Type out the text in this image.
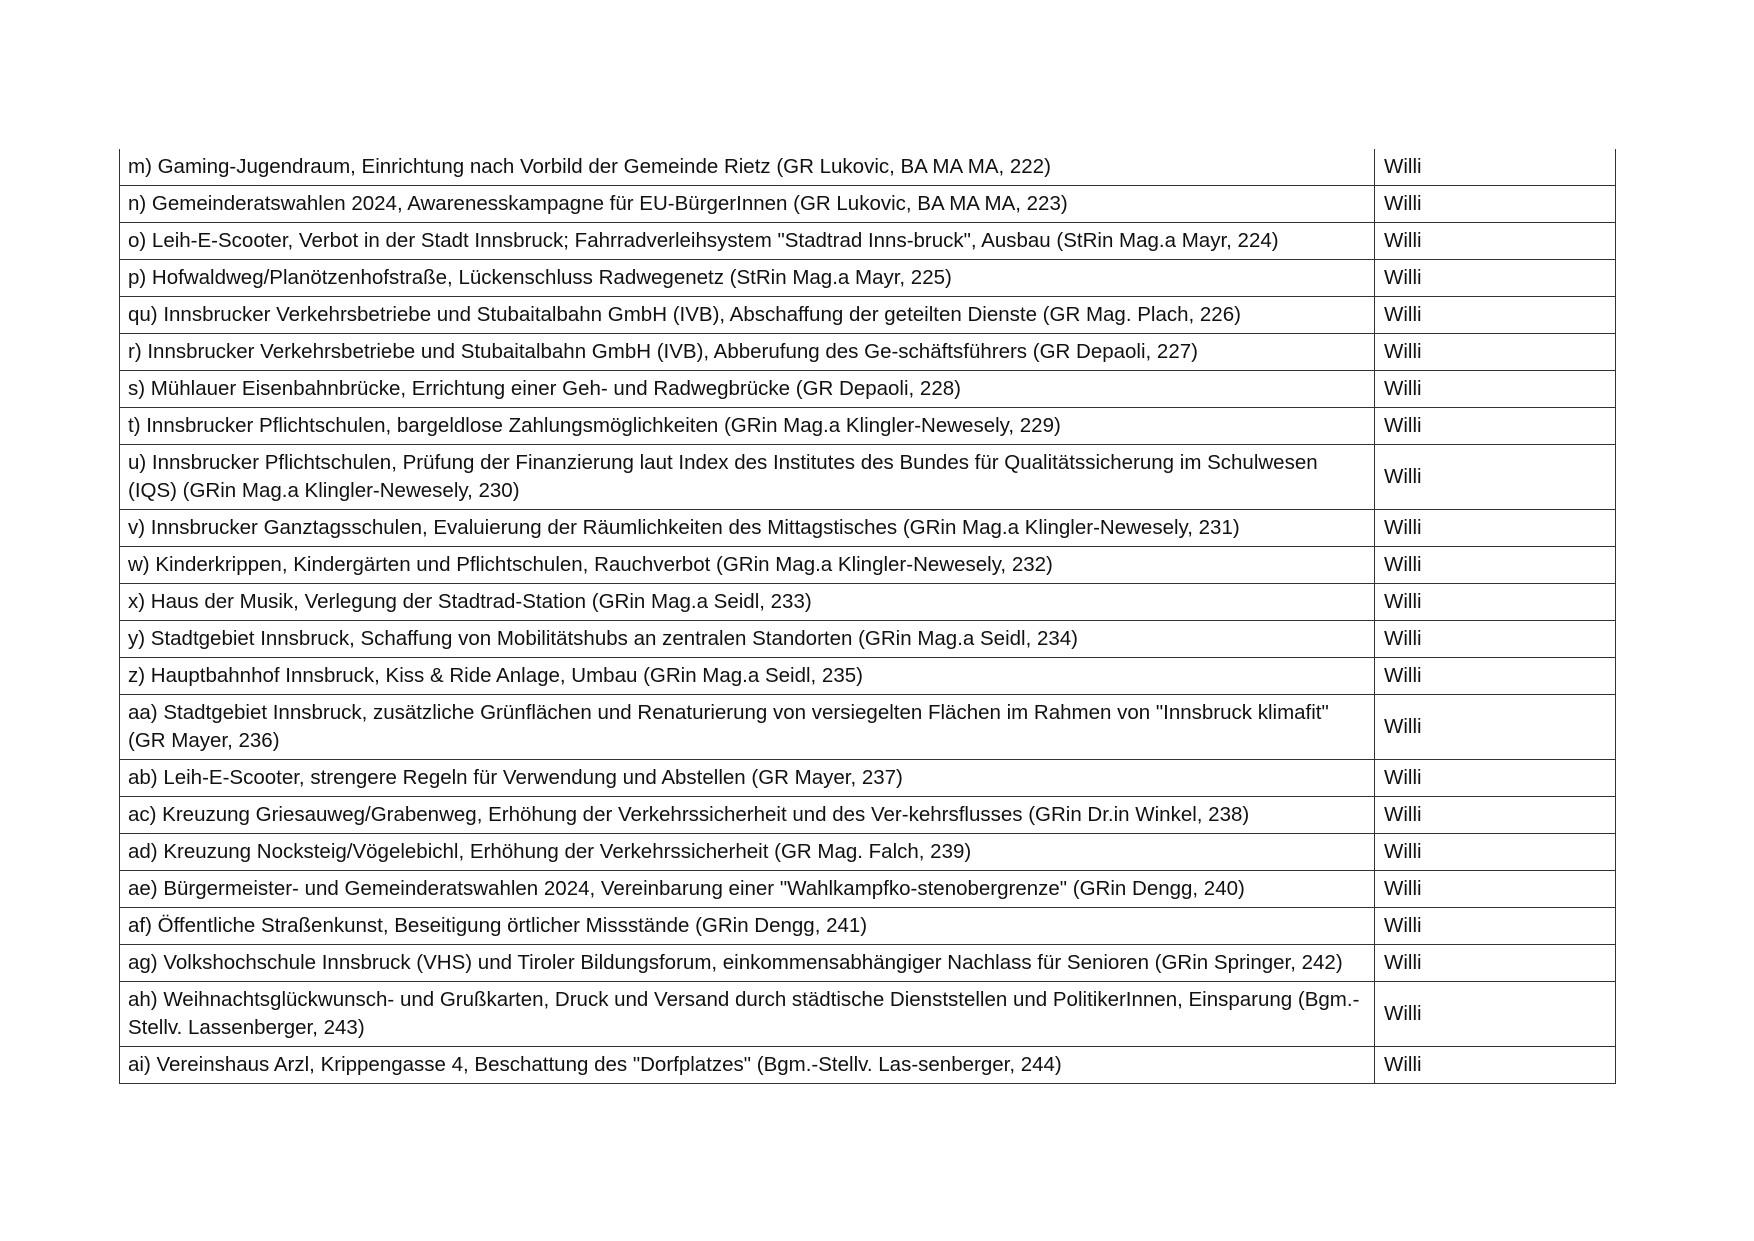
m) Gaming-Jugendraum, Einrichtung nach Vorbild der Gemeinde Rietz (GR Lukovic, BA MA MA, 222)	Willi
n) Gemeinderatswahlen 2024, Awarenesskampagne für EU-BürgerInnen (GR Lukovic, BA MA MA, 223)	Willi
o) Leih-E-Scooter, Verbot in der Stadt Innsbruck; Fahrradverleihsystem "Stadtrad Inns-bruck", Ausbau (StRin Mag.a Mayr, 224)	Willi
p) Hofwaldweg/Planötzenhofstraße, Lückenschluss Radwegenetz (StRin Mag.a Mayr, 225)	Willi
qu) Innsbrucker Verkehrsbetriebe und Stubaitalbahn GmbH (IVB), Abschaffung der geteilten Dienste (GR Mag. Plach, 226)	Willi
r) Innsbrucker Verkehrsbetriebe und Stubaitalbahn GmbH (IVB), Abberufung des Ge-schäftsführers (GR Depaoli, 227)	Willi
s) Mühlauer Eisenbahnbrücke, Errichtung einer Geh- und Radwegbrücke (GR Depaoli, 228)	Willi
t) Innsbrucker Pflichtschulen, bargeldlose Zahlungsmöglichkeiten (GRin Mag.a Klingler-Newesely, 229)	Willi
u) Innsbrucker Pflichtschulen, Prüfung der Finanzierung laut Index des Institutes des Bundes für Qualitätssicherung im Schulwesen (IQS) (GRin Mag.a Klingler-Newesely, 230)	Willi
v) Innsbrucker Ganztagsschulen, Evaluierung der Räumlichkeiten des Mittagstisches (GRin Mag.a Klingler-Newesely, 231)	Willi
w) Kinderkrippen, Kindergärten und Pflichtschulen, Rauchverbot (GRin Mag.a Klingler-Newesely, 232)	Willi
x) Haus der Musik, Verlegung der Stadtrad-Station (GRin Mag.a Seidl, 233)	Willi
y) Stadtgebiet Innsbruck, Schaffung von Mobilitätshubs an zentralen Standorten (GRin Mag.a Seidl, 234)	Willi
z) Hauptbahnhof Innsbruck, Kiss & Ride Anlage, Umbau (GRin Mag.a Seidl, 235)	Willi
aa) Stadtgebiet Innsbruck, zusätzliche Grünflächen und Renaturierung von versiegelten Flächen im Rahmen von "Innsbruck klimafit" (GR Mayer, 236)	Willi
ab) Leih-E-Scooter, strengere Regeln für Verwendung und Abstellen (GR Mayer, 237)	Willi
ac) Kreuzung Griesauweg/Grabenweg, Erhöhung der Verkehrssicherheit und des Ver-kehrsflusses (GRin Dr.in Winkel, 238)	Willi
ad) Kreuzung Nocksteig/Vögelebichl, Erhöhung der Verkehrssicherheit (GR Mag. Falch, 239)	Willi
ae) Bürgermeister- und Gemeinderatswahlen 2024, Vereinbarung einer "Wahlkampfko-stenobergrenze" (GRin Dengg, 240)	Willi
af) Öffentliche Straßenkunst, Beseitigung örtlicher Missstände (GRin Dengg, 241)	Willi
ag) Volkshochschule Innsbruck (VHS) und Tiroler Bildungsforum, einkommensabhängiger Nachlass für Senioren (GRin Springer, 242)	Willi
ah) Weihnachtsglückwunsch- und Grußkarten, Druck und Versand durch städtische Dienststellen und PolitikerInnen, Einsparung (Bgm.-Stellv. Lassenberger, 243)	Willi
ai) Vereinshaus Arzl, Krippengasse 4, Beschattung des "Dorfplatzes" (Bgm.-Stellv. Las-senberger, 244)	Willi
